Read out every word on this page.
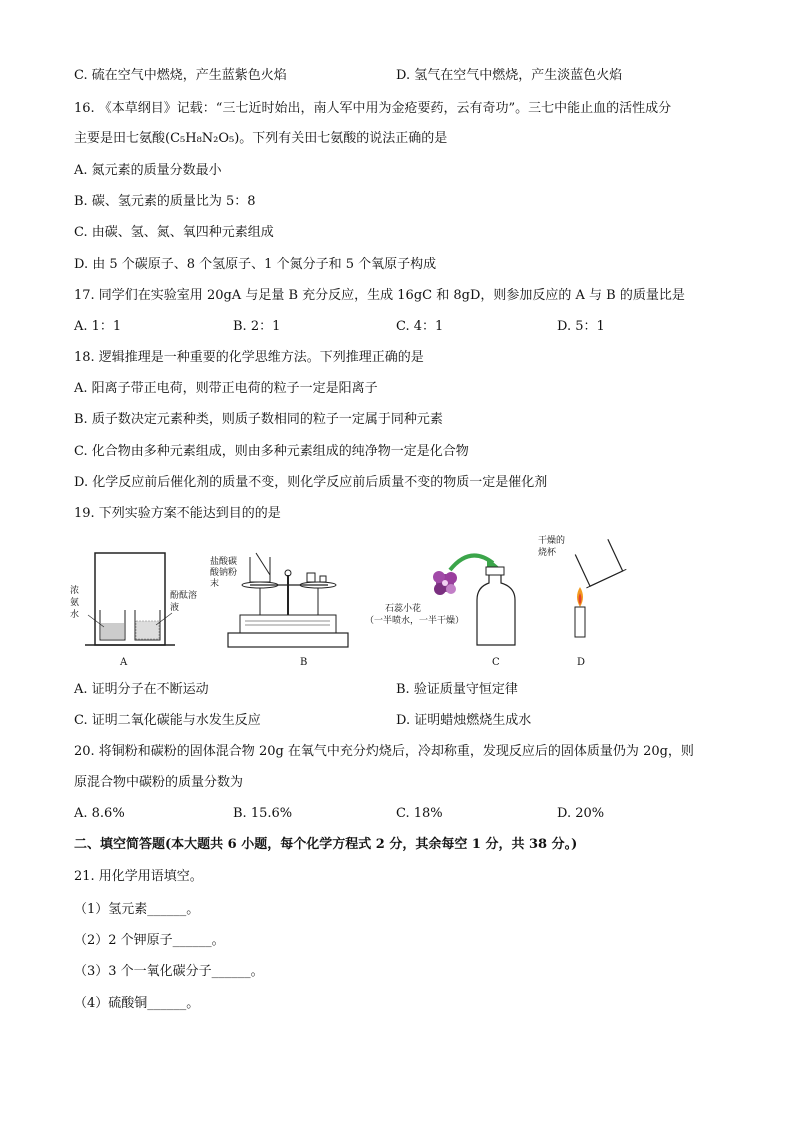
C. 硫在空气中燃烧，产生蓝紫色火焰	D. 氢气在空气中燃烧，产生淡蓝色火焰
16. 《本草纲目》记载：“三七近时始出，南人军中用为金疮要药，云有奇功”。三七中能止血的活性成分
主要是田七氨酸(C₅H₈N₂O₅)。下列有关田七氨酸的说法正确的是
A. 氮元素的质量分数最小
B. 碳、氢元素的质量比为 5：8
C. 由碳、氢、氮、氧四种元素组成
D. 由 5 个碳原子、8 个氢原子、1 个氮分子和 5 个氧原子构成
17. 同学们在实验室用 20gA 与足量 B 充分反应，生成 16gC 和 8gD，则参加反应的 A 与 B 的质量比是
A. 1：1	B. 2：1	C. 4：1	D. 5：1
18. 逻辑推理是一种重要的化学思维方法。下列推理正确的是
A. 阳离子带正电荷，则带正电荷的粒子一定是阳离子
B. 质子数决定元素种类，则质子数相同的粒子一定属于同种元素
C. 化合物由多种元素组成，则由多种元素组成的纯净物一定是化合物
D. 化学反应前后催化剂的质量不变，则化学反应前后质量不变的物质一定是催化剂
19. 下列实验方案不能达到目的的是
浓氨水
酚酞溶液
A
盐酸碳酸钠粉末
B
石蕊小花
（一半喷水，一半干燥）
C
干燥的烧杯
D
A. 证明分子在不断运动	B. 验证质量守恒定律
C. 证明二氧化碳能与水发生反应	D. 证明蜡烛燃烧生成水
20. 将铜粉和碳粉的固体混合物 20g 在氧气中充分灼烧后，冷却称重，发现反应后的固体质量仍为 20g，则
原混合物中碳粉的质量分数为
A. 8.6%	B. 15.6%	C. 18%	D. 20%
二、填空简答题(本大题共 6 小题，每个化学方程式 2 分，其余每空 1 分，共 38 分。)
21. 用化学用语填空。
（1）氢元素______。
（2）2 个钾原子______。
（3）3 个一氧化碳分子______。
（4）硫酸铜______。
